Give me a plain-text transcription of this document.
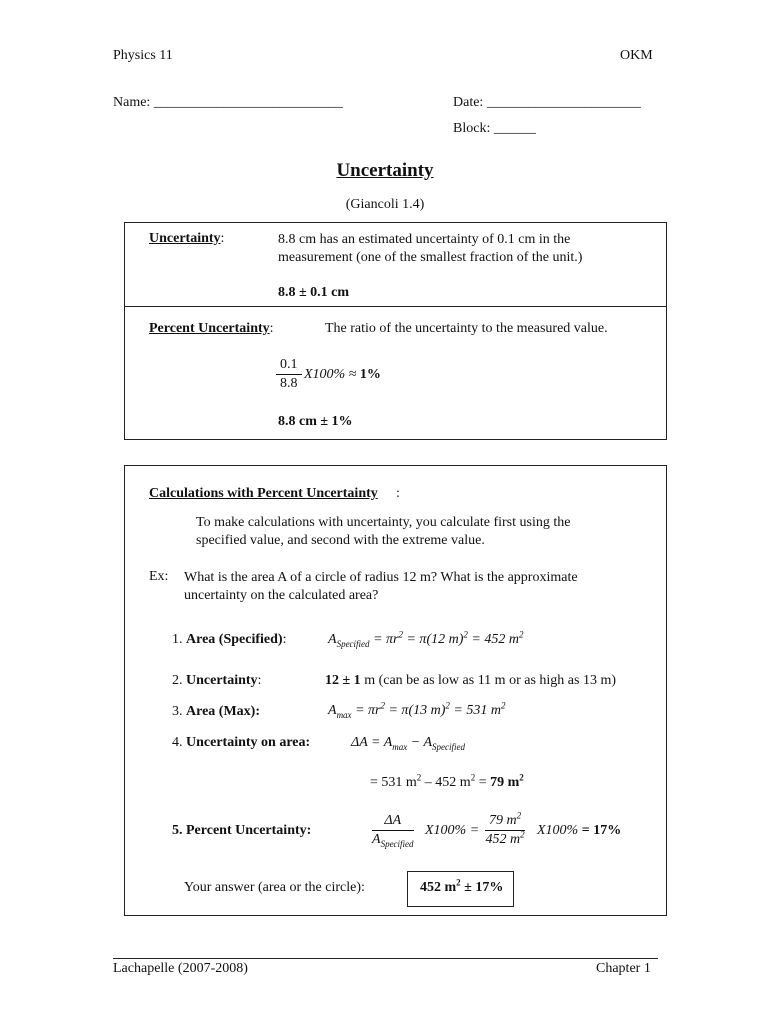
Physics 11	OKM
Name: ___________________________	Date: ______________________
Block: ______
Uncertainty
(Giancoli 1.4)
Uncertainty:	8.8 cm has an estimated uncertainty of 0.1 cm in the measurement (one of the smallest fraction of the unit.)
8.8 ± 0.1 cm
Percent Uncertainty:	The ratio of the uncertainty to the measured value.
$\frac{0.1}{8.8} X100\% \approx 1\%$
8.8 cm ± 1%
Calculations with Percent Uncertainty :
To make calculations with uncertainty, you calculate first using the specified value, and second with the extreme value.
Ex: What is the area A of a circle of radius 12 m? What is the approximate uncertainty on the calculated area?
1. Area (Specified):	$A_{Specified} = \pi r^2 = \pi(12$ m)$^2$ = 452 $m^2$
2. Uncertainty:	12 ± 1 m (can be as low as 11 m or as high as 13 m)
3. Area (Max):	$A_{max} = \pi r^2 = \pi(13$ m)$^2$ = 531 $m^2$
4. Uncertainty on area:	$\Delta A = A_{max} - A_{Specified}$
= 531 $m^2 - 452$ $m^2 = 79$ $m^2$
5. Percent Uncertainty:
ΔA
$A_{Specified}$
$X100\% = \frac{79 m^2}{452 m^2} X100\% = 17\%$
Your answer (area or the circle):	452 $m^2 \pm 17\%$
Lachapelle (2007-2008)	Chapter 1
